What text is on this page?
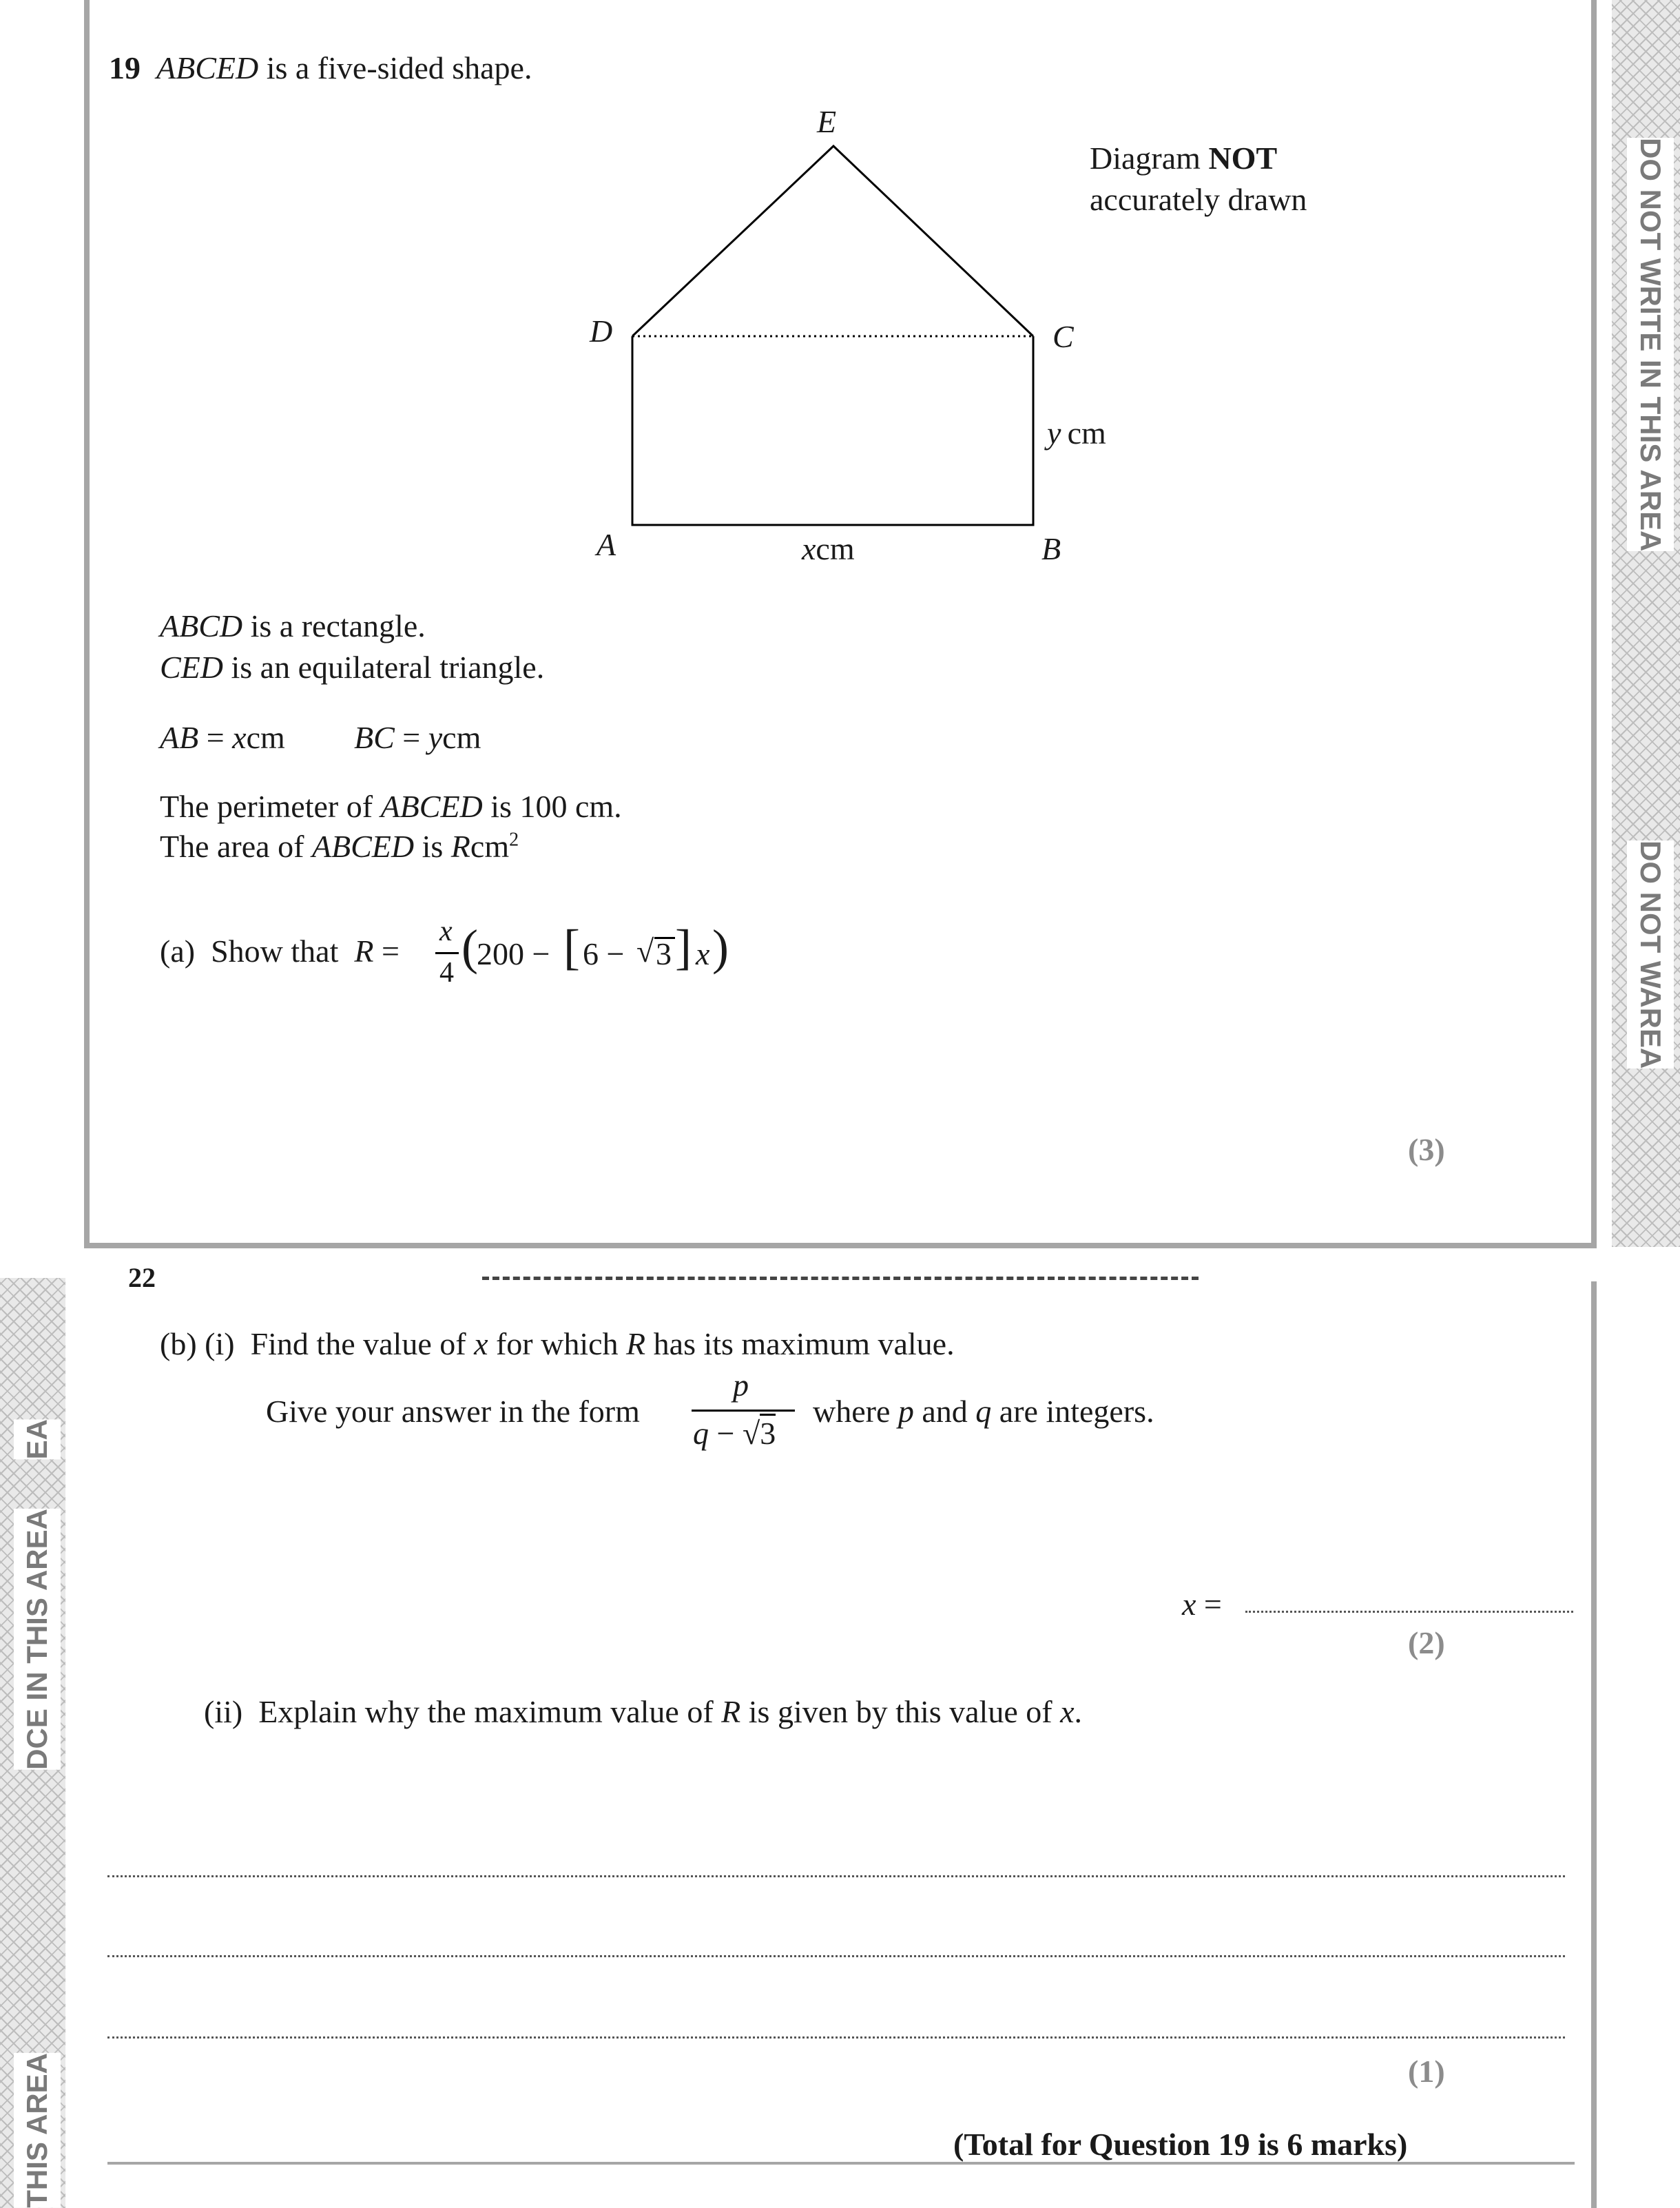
DO NOT WRITE IN THIS AREA
DO NOT WAREA
EA
DCE IN THIS AREA
THIS AREA
22
19 ABCED is a five-sided shape.
E
D	C
A	B
xcm
y  cm
Diagram NOT
accurately drawn
ABCD is a rectangle.
CED is an equilateral triangle.
AB = xcm BC = ycm
The perimeter of ABCED is 100 cm.
The area of ABCED is Rcm$^2$
(a) Show that R =
x
4 (
200 − [ 6 − √ 3 ] x )
(3)
(b) (i) Find the value of x for which R has its maximum value.
Give your answer in the form
p
q − √3
where p and q are integers.
x =
(2)
(ii) Explain why the maximum value of R is given by this value of x.
(1)
(Total for Question 19 is 6 marks)
